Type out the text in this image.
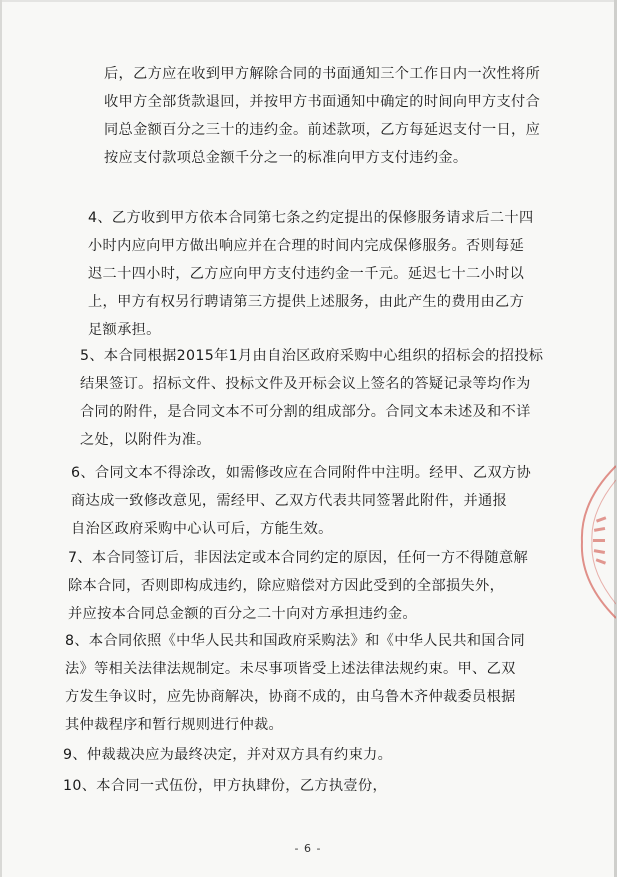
后，乙方应在收到甲方解除合同的书面通知三个工作日内一次性将所
收甲方全部货款退回，并按甲方书面通知中确定的时间向甲方支付合
同总金额百分之三十的违约金。前述款项，乙方每延迟支付一日，应
按应支付款项总金额千分之一的标准向甲方支付违约金。
4、乙方收到甲方依本合同第七条之约定提出的保修服务请求后二十四
小时内应向甲方做出响应并在合理的时间内完成保修服务。否则每延
迟二十四小时，乙方应向甲方支付违约金一千元。延迟七十二小时以
上，甲方有权另行聘请第三方提供上述服务，由此产生的费用由乙方
足额承担。
5、本合同根据2015年1月由自治区政府采购中心组织的招标会的招投标
结果签订。招标文件、投标文件及开标会议上签名的答疑记录等均作为
合同的附件，是合同文本不可分割的组成部分。合同文本未述及和不详
之处，以附件为准。
6、合同文本不得涂改，如需修改应在合同附件中注明。经甲、乙双方协
商达成一致修改意见，需经甲、乙双方代表共同签署此附件，并通报
自治区政府采购中心认可后，方能生效。
7、本合同签订后，非因法定或本合同约定的原因，任何一方不得随意解
除本合同，否则即构成违约，除应赔偿对方因此受到的全部损失外，
并应按本合同总金额的百分之二十向对方承担违约金。
8、本合同依照《中华人民共和国政府采购法》和《中华人民共和国合同
法》等相关法律法规制定。未尽事项皆受上述法律法规约束。甲、乙双
方发生争议时，应先协商解决，协商不成的，由乌鲁木齐仲裁委员根据
其仲裁程序和暂行规则进行仲裁。
9、仲裁裁决应为最终决定，并对双方具有约束力。
10、本合同一式伍份，甲方执肆份，乙方执壹份，
- 6 -
